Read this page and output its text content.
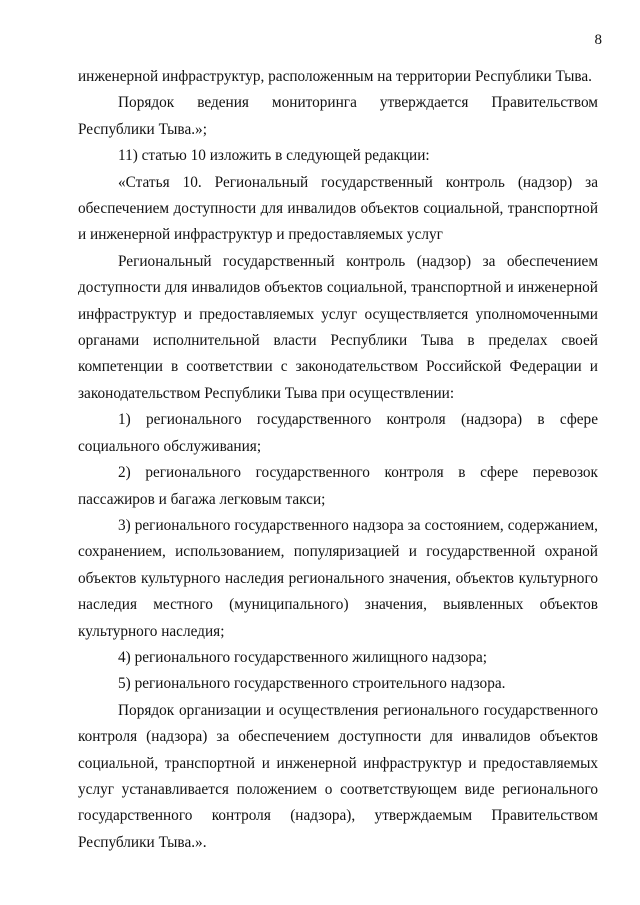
8

инженерной инфраструктур, расположенным на территории Республики Тыва.

Порядок ведения мониторинга утверждается Правительством Республики Тыва.»;

11) статью 10 изложить в следующей редакции:

«Статья 10. Региональный государственный контроль (надзор) за обеспечением доступности для инвалидов объектов социальной, транспортной и инженерной инфраструктур и предоставляемых услуг

Региональный государственный контроль (надзор) за обеспечением доступности для инвалидов объектов социальной, транспортной и инженерной инфраструктур и предоставляемых услуг осуществляется уполномоченными органами исполнительной власти Республики Тыва в пределах своей компетенции в соответствии с законодательством Российской Федерации и законодательством Республики Тыва при осуществлении:

1) регионального государственного контроля (надзора) в сфере социального обслуживания;

2) регионального государственного контроля в сфере перевозок пассажиров и багажа легковым такси;

3) регионального государственного надзора за состоянием, содержанием, сохранением, использованием, популяризацией и государственной охраной объектов культурного наследия регионального значения, объектов культурного наследия местного (муниципального) значения, выявленных объектов культурного наследия;

4) регионального государственного жилищного надзора;

5) регионального государственного строительного надзора.

Порядок организации и осуществления регионального государственного контроля (надзора) за обеспечением доступности для инвалидов объектов социальной, транспортной и инженерной инфраструктур и предоставляемых услуг устанавливается положением о соответствующем виде регионального государственного контроля (надзора), утверждаемым Правительством Республики Тыва.».
